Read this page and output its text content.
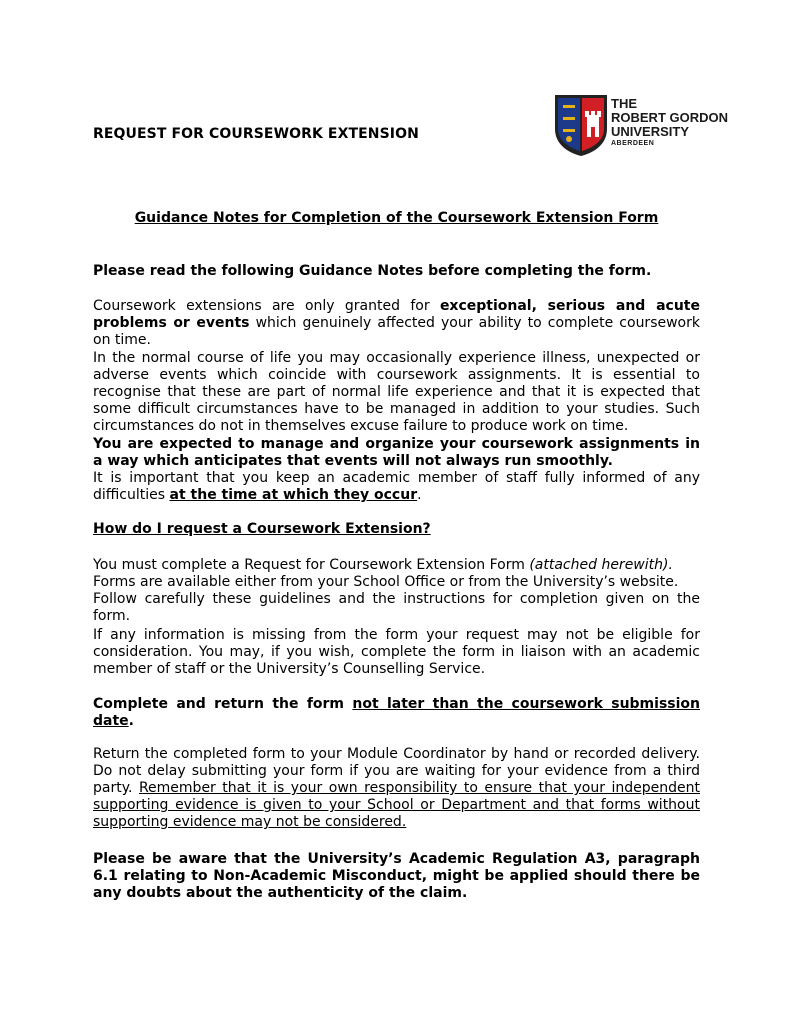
REQUEST FOR COURSEWORK EXTENSION
THE
ROBERT GORDON
UNIVERSITY
ABERDEEN
Guidance Notes for Completion of the Coursework Extension Form
Please read the following Guidance Notes before completing the form.
Coursework extensions are only granted for exceptional, serious and acute problems or events which genuinely affected your ability to complete coursework on time.
In the normal course of life you may occasionally experience illness, unexpected or adverse events which coincide with coursework assignments. It is essential to recognise that these are part of normal life experience and that it is expected that some difficult circumstances have to be managed in addition to your studies. Such circumstances do not in themselves excuse failure to produce work on time.
You are expected to manage and organize your coursework assignments in a way which anticipates that events will not always run smoothly.
It is important that you keep an academic member of staff fully informed of any difficulties at the time at which they occur.
How do I request a Coursework Extension?
You must complete a Request for Coursework Extension Form (attached herewith).
Forms are available either from your School Office or from the University’s website.
Follow carefully these guidelines and the instructions for completion given on the form.
If any information is missing from the form your request may not be eligible for consideration. You may, if you wish, complete the form in liaison with an academic member of staff or the University’s Counselling Service.
Complete and return the form not later than the coursework submission date.
Return the completed form to your Module Coordinator by hand or recorded delivery. Do not delay submitting your form if you are waiting for your evidence from a third party. Remember that it is your own responsibility to ensure that your independent supporting evidence is given to your School or Department and that forms without supporting evidence may not be considered.
Please be aware that the University’s Academic Regulation A3, paragraph 6.1 relating to Non-Academic Misconduct, might be applied should there be any doubts about the authenticity of the claim.
